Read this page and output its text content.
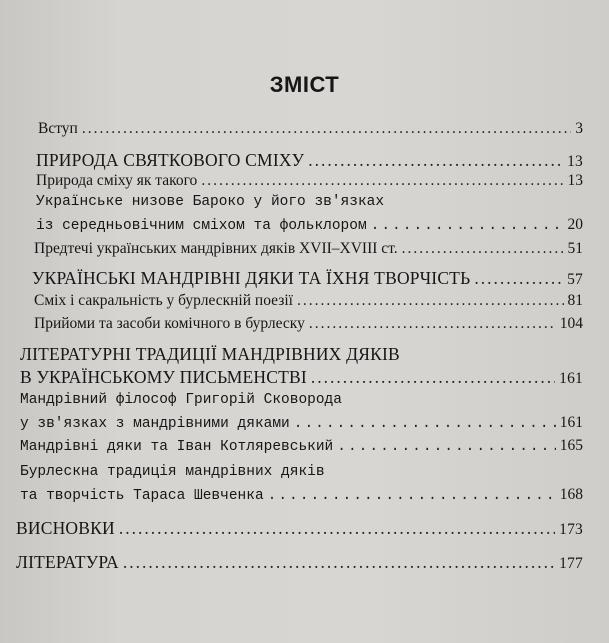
ЗМІСТ
Вступ .....	3
ПРИРОДА СВЯТКОВОГО СМІХУ .....	13
Природа сміху як такого .....	13
Українське низове Бароко у його зв'язках
із середньовічним сміхом та фольклором .....	20
Предтечі українських мандрівних дяків XVII–XVIII ст. .....	51
УКРАЇНСЬКІ МАНДРІВНІ ДЯКИ ТА ЇХНЯ ТВОРЧІСТЬ .....	57
Сміх і сакральність у бурлескній поезії .....	81
Прийоми та засоби комічного в бурлеску .....	104
ЛІТЕРАТУРНІ ТРАДИЦІЇ МАНДРІВНИХ ДЯКІВ
В УКРАЇНСЬКОМУ ПИСЬМЕНСТВІ .....	161
Мандрівний філософ Григорій Сковорода
у зв'язках з мандрівними дяками .....	161
Мандрівні дяки та Іван Котляревський .....	165
Бурлескна традиція мандрівних дяків
та творчість Тараса Шевченка .....	168
ВИСНОВКИ .....	173
ЛІТЕРАТУРА .....	177
